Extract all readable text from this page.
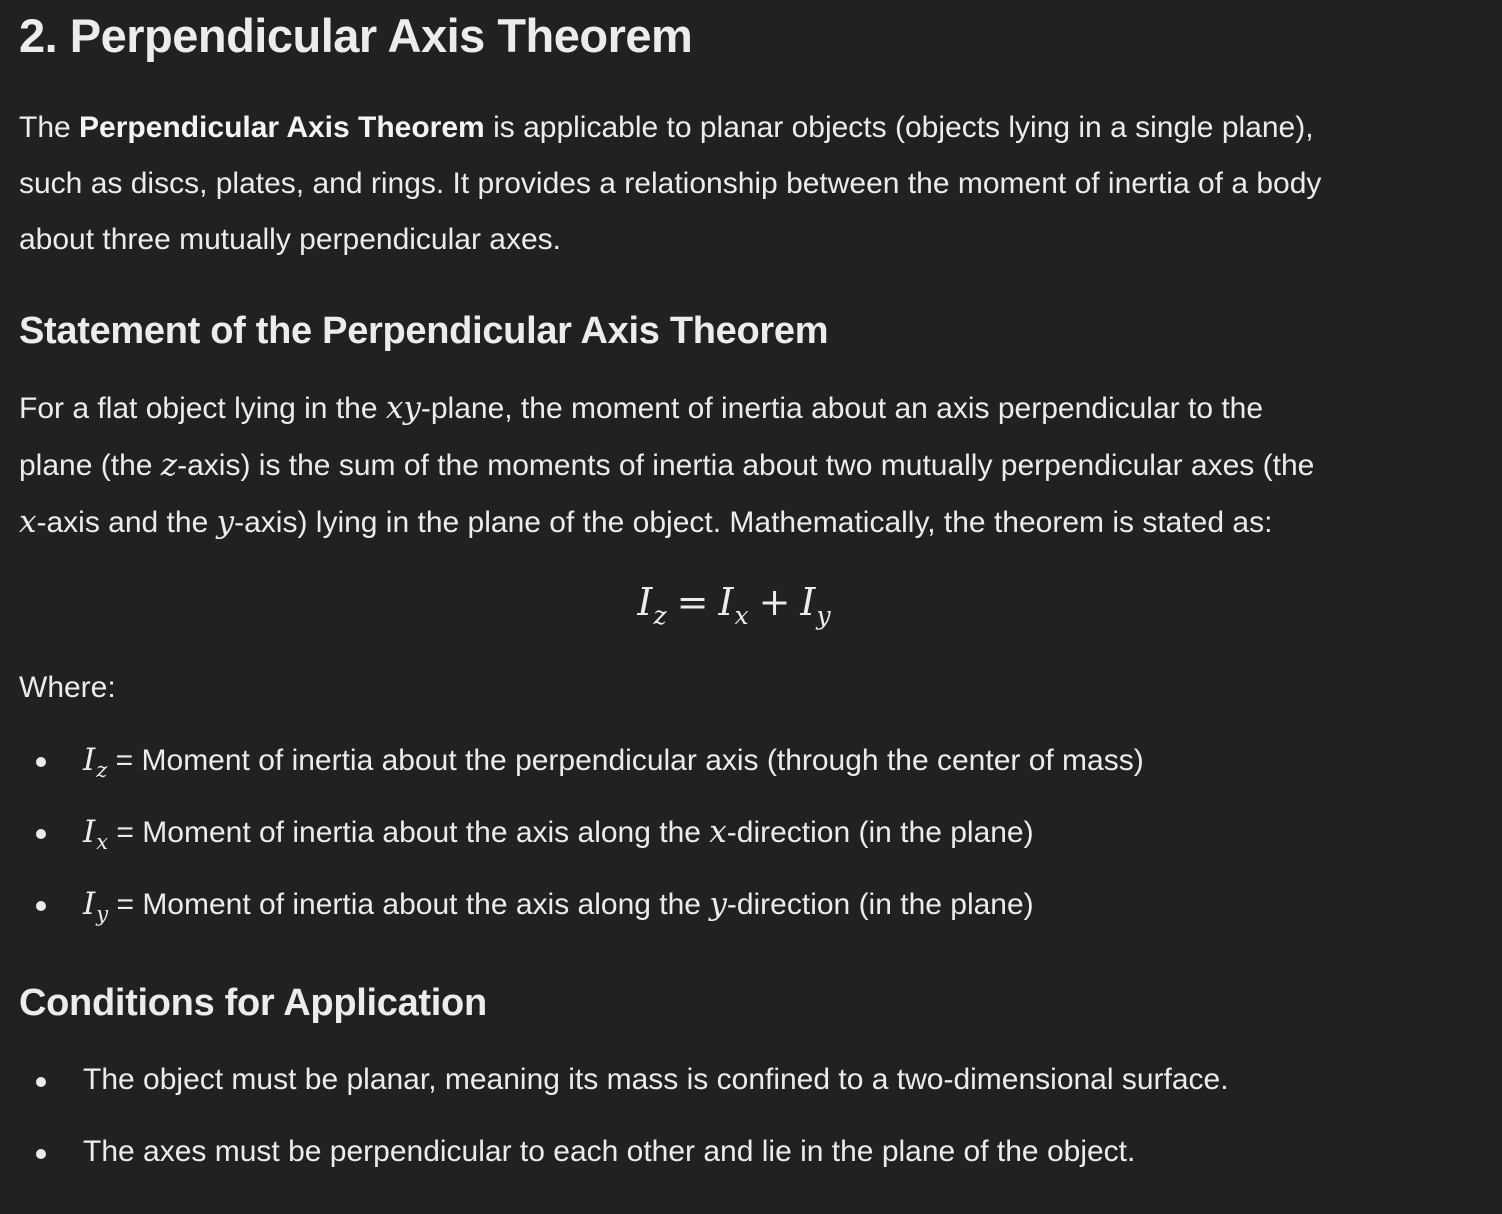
2. Perpendicular Axis Theorem

The Perpendicular Axis Theorem is applicable to planar objects (objects lying in a single plane),
such as discs, plates, and rings. It provides a relationship between the moment of inertia of a body
about three mutually perpendicular axes.

Statement of the Perpendicular Axis Theorem

For a flat object lying in the xy-plane, the moment of inertia about an axis perpendicular to the
plane (the z-axis) is the sum of the moments of inertia about two mutually perpendicular axes (the
x-axis and the y-axis) lying in the plane of the object. Mathematically, the theorem is stated as:

$I_z = I_x + I_y$

Where:

$I_z$ = Moment of inertia about the perpendicular axis (through the center of mass)
$I_x$ = Moment of inertia about the axis along the x-direction (in the plane)
$I_y$ = Moment of inertia about the axis along the y-direction (in the plane)
Conditions for Application
The object must be planar, meaning its mass is confined to a two-dimensional surface.
The axes must be perpendicular to each other and lie in the plane of the object.
